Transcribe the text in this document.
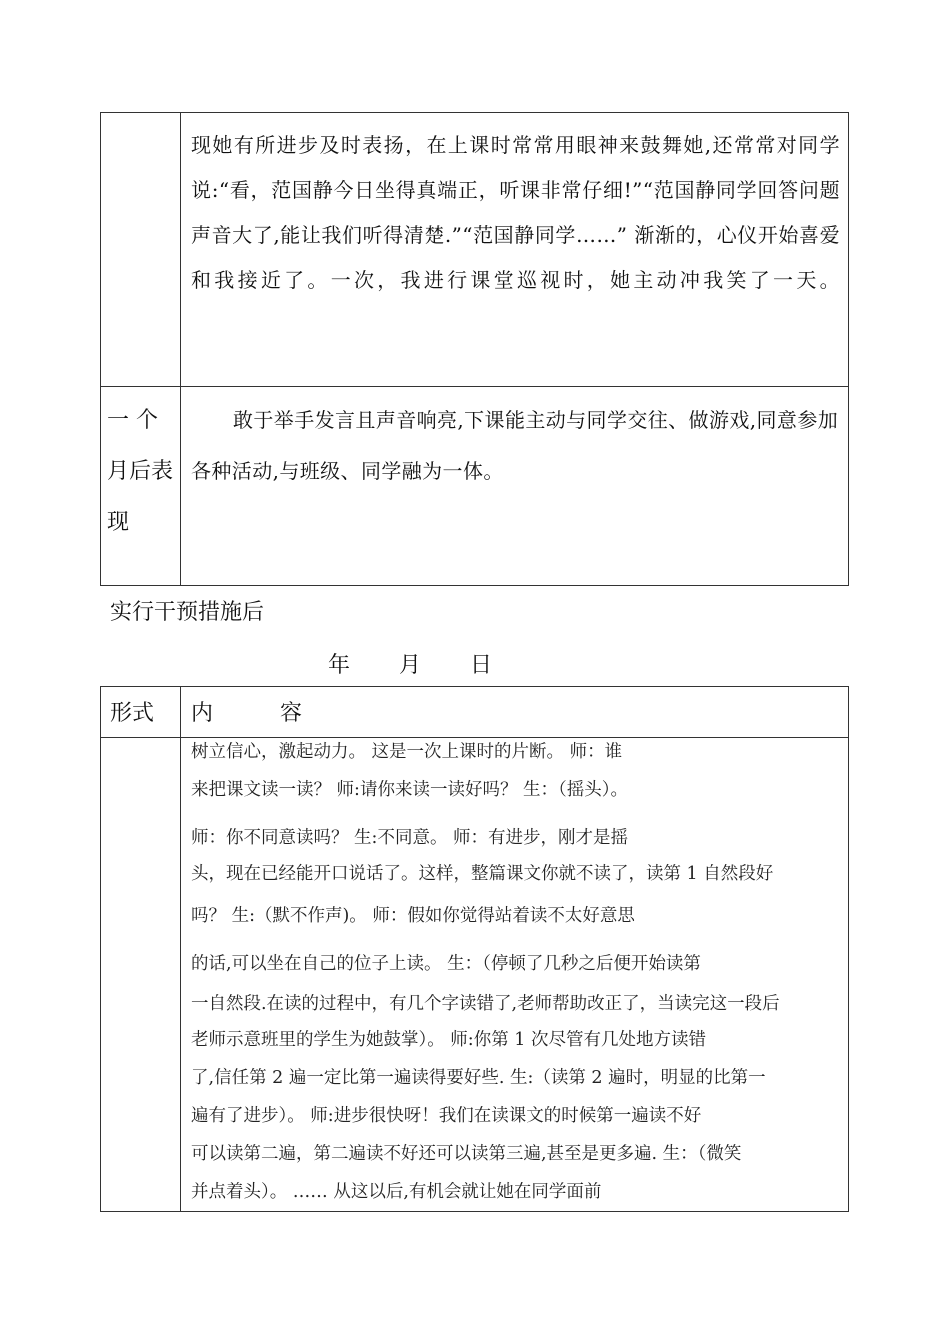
现她有所进步及时表扬，在上课时常常用眼神来鼓舞她,还常常对同学说:“看，范国静今日坐得真端正，听课非常仔细!”“范国静同学回答问题声音大了,能让我们听得清楚.”“范国静同学……” 渐渐的，心仪开始喜爱和我接近了。一次，我进行课堂巡视时，她主动冲我笑了一天。
一 个月后表现
敢于举手发言且声音响亮,下课能主动与同学交往、做游戏,同意参加各种活动,与班级、同学融为一体。
实行干预措施后
年 月 日
形式 内 容
树立信心，激起动力。 这是一次上课时的片断。 师：谁
来把课文读一读？ 师:请你来读一读好吗？ 生：（摇头）。
师：你不同意读吗？ 生:不同意。 师：有进步，刚才是摇
头，现在已经能开口说话了。这样，整篇课文你就不读了，读第 1 自然段好
吗？ 生:（默不作声)。 师：假如你觉得站着读不太好意思
的话,可以坐在自己的位子上读。 生：（停顿了几秒之后便开始读第
一自然段.在读的过程中，有几个字读错了,老师帮助改正了，当读完这一段后
老师示意班里的学生为她鼓掌）。 师:你第 1 次尽管有几处地方读错
了,信任第 2 遍一定比第一遍读得要好些. 生:（读第 2 遍时，明显的比第一
遍有了进步）。 师:进步很快呀！我们在读课文的时候第一遍读不好
可以读第二遍，第二遍读不好还可以读第三遍,甚至是更多遍. 生：（微笑
并点着头）。 …… 从这以后,有机会就让她在同学面前
